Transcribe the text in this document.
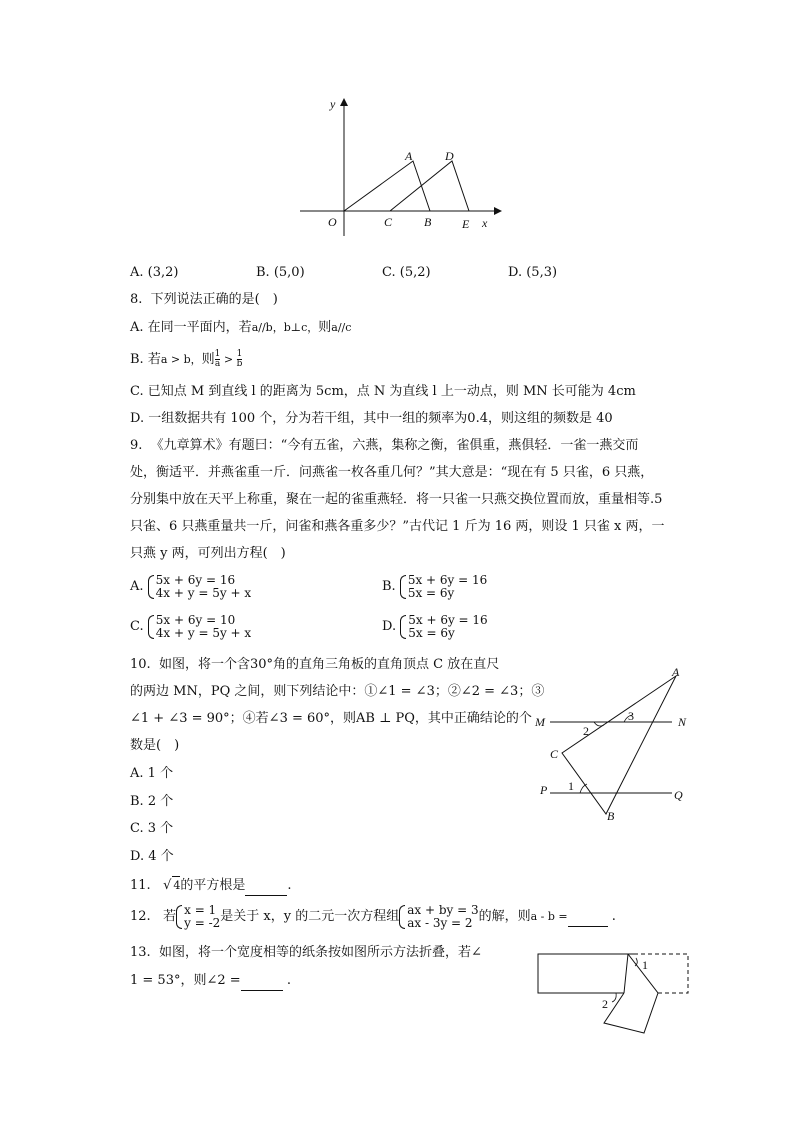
y
x
O
A	D
C	B	E
A. (3,2)	B. (5,0)	C. (5,2)	D. (5,3)
8. 下列说法正确的是(　)
A. 在同一平面内，若a//b，b⊥c，则a//c
B. 若a > b，则 $\frac{1}{a} > \frac{1}{b}$
C. 已知点 M 到直线 l 的距离为 5cm，点 N 为直线 l 上一动点，则 MN 长可能为 4cm
D. 一组数据共有 100 个，分为若干组，其中一组的频率为0.4，则这组的频数是 40
9. 《九章算术》有题曰：“今有五雀，六燕，集称之衡，雀俱重，燕俱轻．一雀一燕交而
处，衡适平．并燕雀重一斤．问燕雀一枚各重几何？”其大意是：“现在有 5 只雀，6 只燕，
分别集中放在天平上称重，聚在一起的雀重燕轻．将一只雀一只燕交换位置而放，重量相等.5
只雀、6 只燕重量共一斤，问雀和燕各重多少？”古代记 1 斤为 16 两，则设 1 只雀 x 两，一
只燕 y 两，可列出方程(　)
A. 5x + 6y = 16
4x + y = 5y + x	B. 5x + 6y = 16
5x = 6y
C. 5x + 6y = 10
4x + y = 5y + x	D. 5x + 6y = 16
5x = 6y
10. 如图，将一个含30°角的直角三角板的直角顶点 C 放在直尺
的两边 MN，PQ 之间，则下列结论中：①∠1 = ∠3；②∠2 = ∠3；③
∠1 + ∠3 = 90°；④若∠3 = 60°，则AB ⊥ PQ，其中正确结论的个
数是(　)
A. 1 个
B. 2 个
C. 3 个
D. 4 个
A
M	N
2
3
C
P 1
Q
B
11. √ 4的平方根是	.
12. 若 x = 1
y = -2 是关于 x，y 的二元一次方程组 ax + by = 3
ax - 3y = 2 的解，则a - b =	.
13. 如图，将一个宽度相等的纸条按如图所示方法折叠，若∠
1 = 53°，则∠2 =	.
1
2
